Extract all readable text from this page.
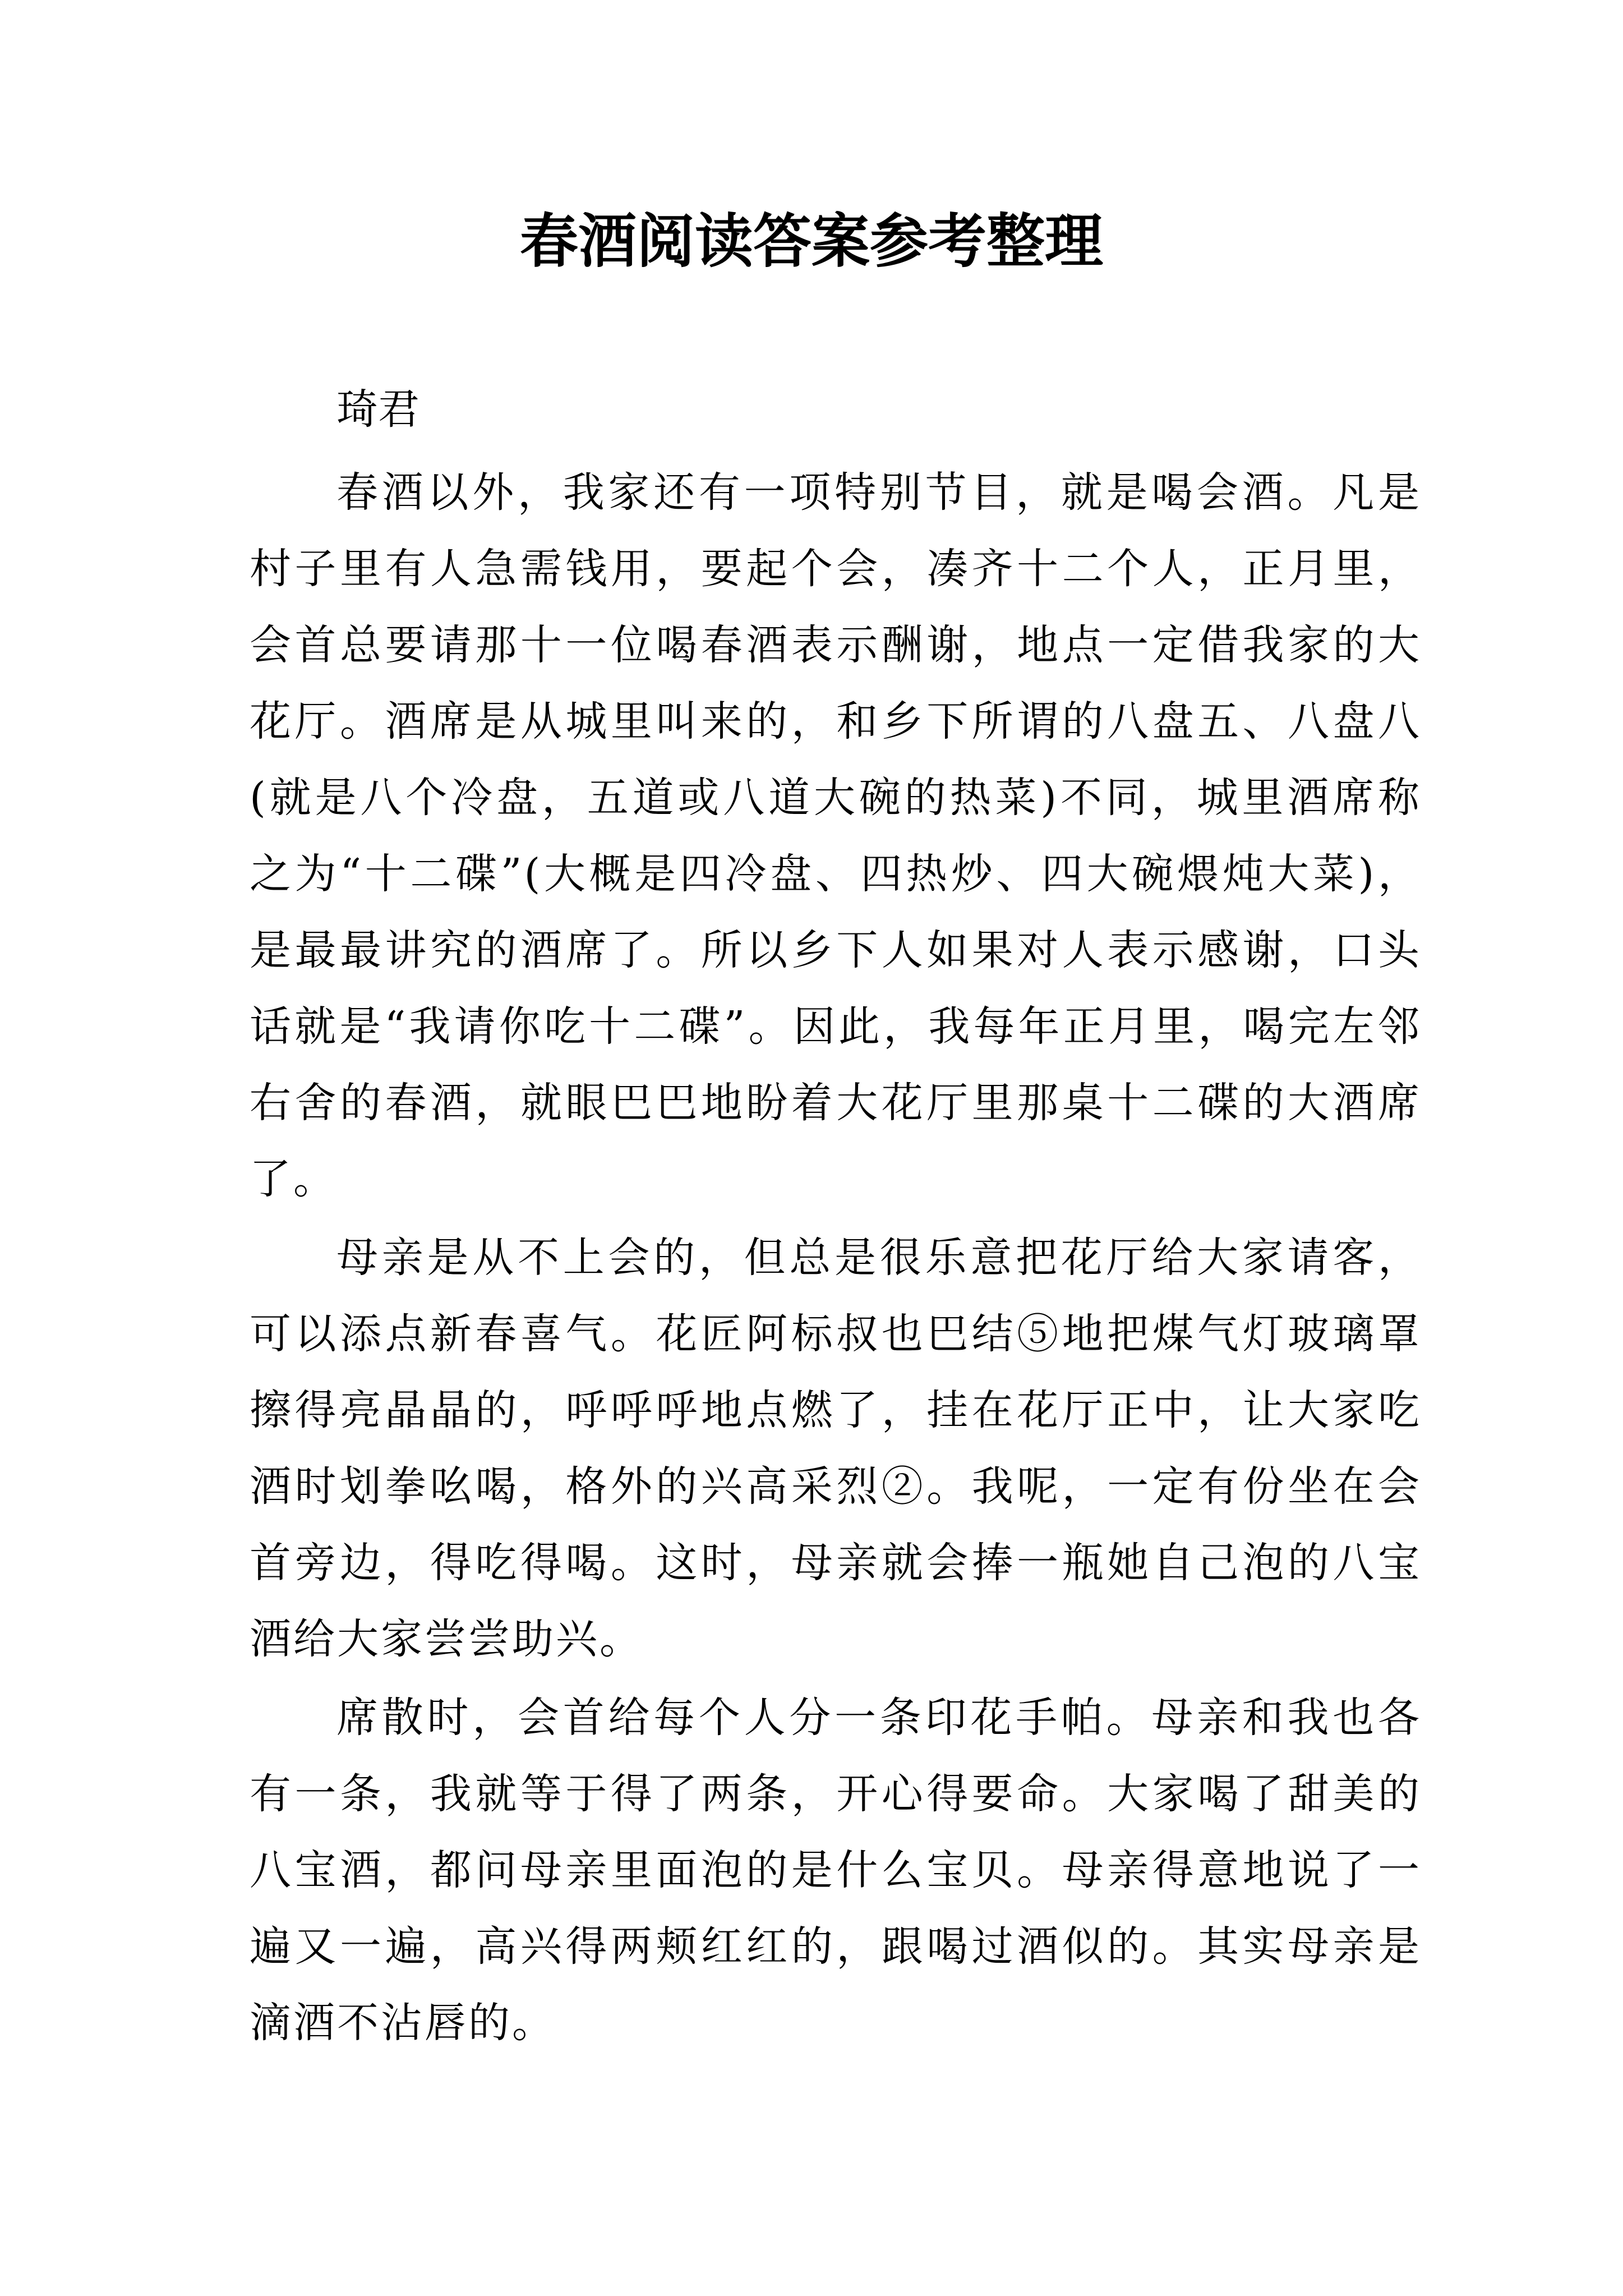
春酒阅读答案参考整理

琦君

春酒以外，我家还有一项特别节目，就是喝会酒。凡是村子里有人急需钱用，要起个会，凑齐十二个人，正月里，会首总要请那十一位喝春酒表示酬谢，地点一定借我家的大花厅。酒席是从城里叫来的，和乡下所谓的八盘五、八盘八(就是八个冷盘，五道或八道大碗的热菜)不同，城里酒席称之为“十二碟”(大概是四冷盘、四热炒、四大碗煨炖大菜)，是最最讲究的酒席了。所以乡下人如果对人表示感谢，口头话就是“我请你吃十二碟”。因此，我每年正月里，喝完左邻右舍的春酒，就眼巴巴地盼着大花厅里那桌十二碟的大酒席了。

母亲是从不上会的，但总是很乐意把花厅给大家请客，可以添点新春喜气。花匠阿标叔也巴结⑤地把煤气灯玻璃罩擦得亮晶晶的，呼呼呼地点燃了，挂在花厅正中，让大家吃酒时划拳吆喝，格外的兴高采烈②。我呢，一定有份坐在会首旁边，得吃得喝。这时，母亲就会捧一瓶她自己泡的八宝酒给大家尝尝助兴。

席散时，会首给每个人分一条印花手帕。母亲和我也各有一条，我就等于得了两条，开心得要命。大家喝了甜美的八宝酒，都问母亲里面泡的是什么宝贝。母亲得意地说了一遍又一遍，高兴得两颊红红的，跟喝过酒似的。其实母亲是滴酒不沾唇的。
